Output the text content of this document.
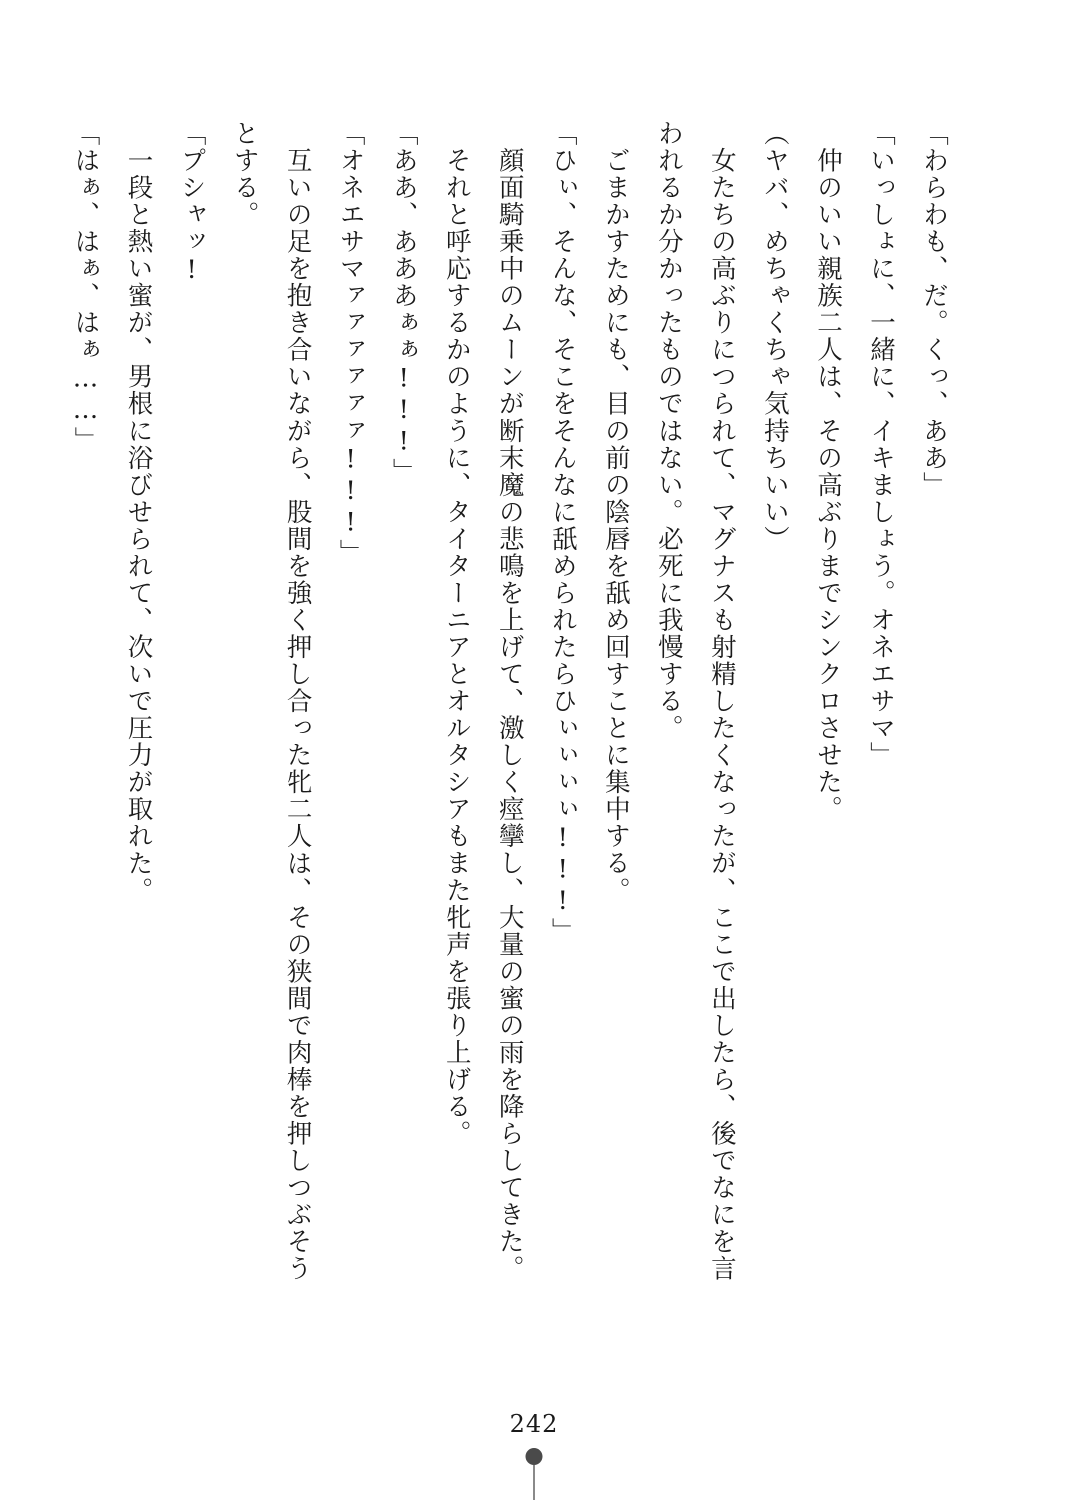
「わらわも、だ。くっ、ああ」

「いっしょに、一緒に、イキましょう。オネエサマ」

　仲のいい親族二人は、その高ぶりまでシンクロさせた。

（ヤバ、めちゃくちゃ気持ちいい）

　女たちの高ぶりにつられて、マグナスも射精したくなったが、ここで出したら、後でなにを言われるか分かったものではない。必死に我慢する。

　ごまかすためにも、目の前の陰唇を舐め回すことに集中する。

「ひぃ、そんな、そこをそんなに舐められたらひぃぃぃぃ!!!」

　顔面騎乗中のムーンが断末魔の悲鳴を上げて、激しく痙攣し、大量の蜜の雨を降らしてきた。

　それと呼応するかのように、タイターニアとオルタシアもまた牝声を張り上げる。

「ああ、あああぁぁ!!!」

「オネエサマァァァァァァ!!!」

　互いの足を抱き合いながら、股間を強く押し合った牝二人は、その狭間で肉棒を押しつぶそうとする。

「プシャッ!

　一段と熱い蜜が、男根に浴びせられて、次いで圧力が取れた。

「はぁ、はぁ、はぁ……」

242
